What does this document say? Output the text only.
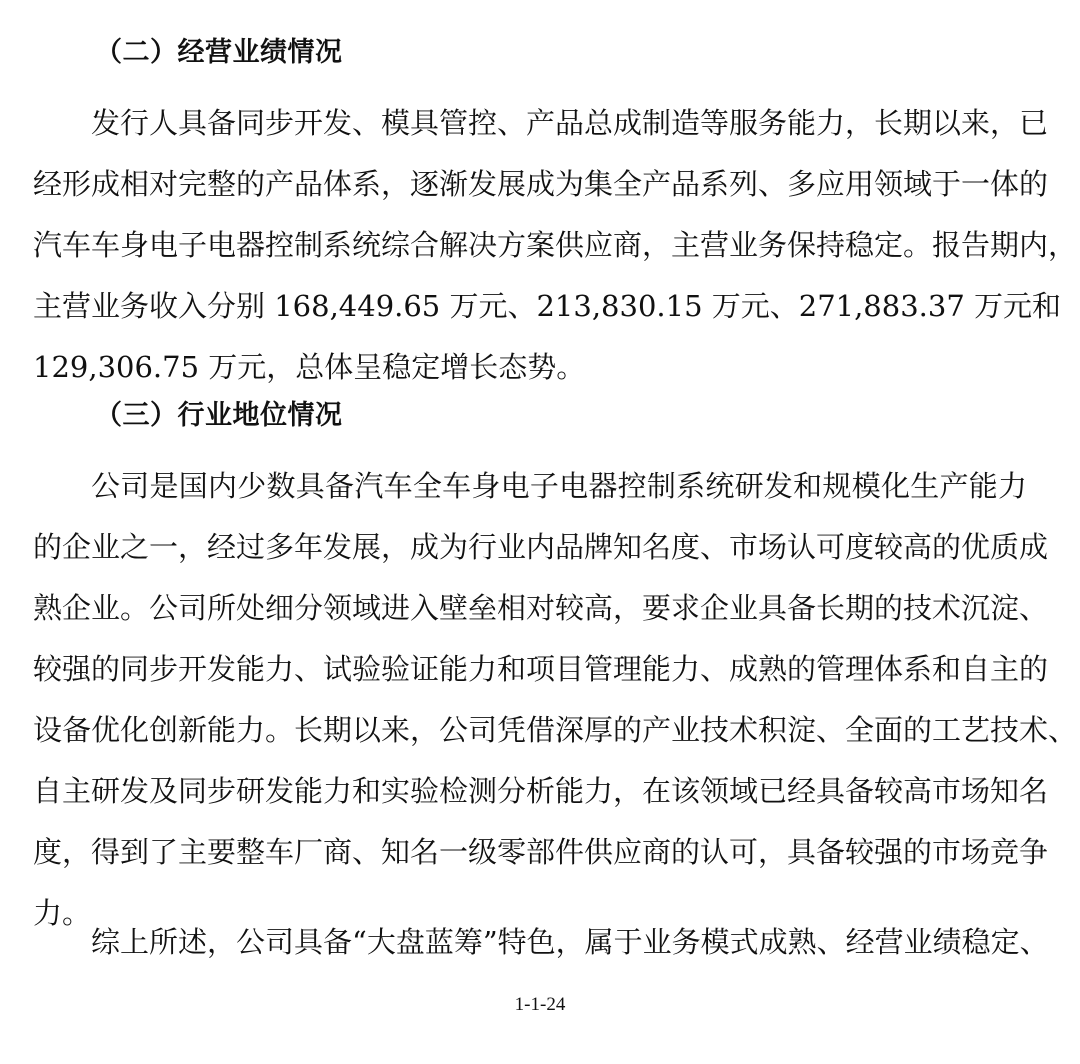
（二）经营业绩情况
发行人具备同步开发、模具管控、产品总成制造等服务能力，长期以来，已
经形成相对完整的产品体系，逐渐发展成为集全产品系列、多应用领域于一体的
汽车车身电子电器控制系统综合解决方案供应商，主营业务保持稳定。报告期内，
主营业务收入分别 168,449.65 万元、213,830.15 万元、271,883.37 万元和
129,306.75 万元，总体呈稳定增长态势。
（三）行业地位情况
公司是国内少数具备汽车全车身电子电器控制系统研发和规模化生产能力
的企业之一，经过多年发展，成为行业内品牌知名度、市场认可度较高的优质成
熟企业。公司所处细分领域进入壁垒相对较高，要求企业具备长期的技术沉淀、
较强的同步开发能力、试验验证能力和项目管理能力、成熟的管理体系和自主的
设备优化创新能力。长期以来，公司凭借深厚的产业技术积淀、全面的工艺技术、
自主研发及同步研发能力和实验检测分析能力，在该领域已经具备较高市场知名
度，得到了主要整车厂商、知名一级零部件供应商的认可，具备较强的市场竞争
力。
综上所述，公司具备“大盘蓝筹”特色，属于业务模式成熟、经营业绩稳定、
1-1-24
